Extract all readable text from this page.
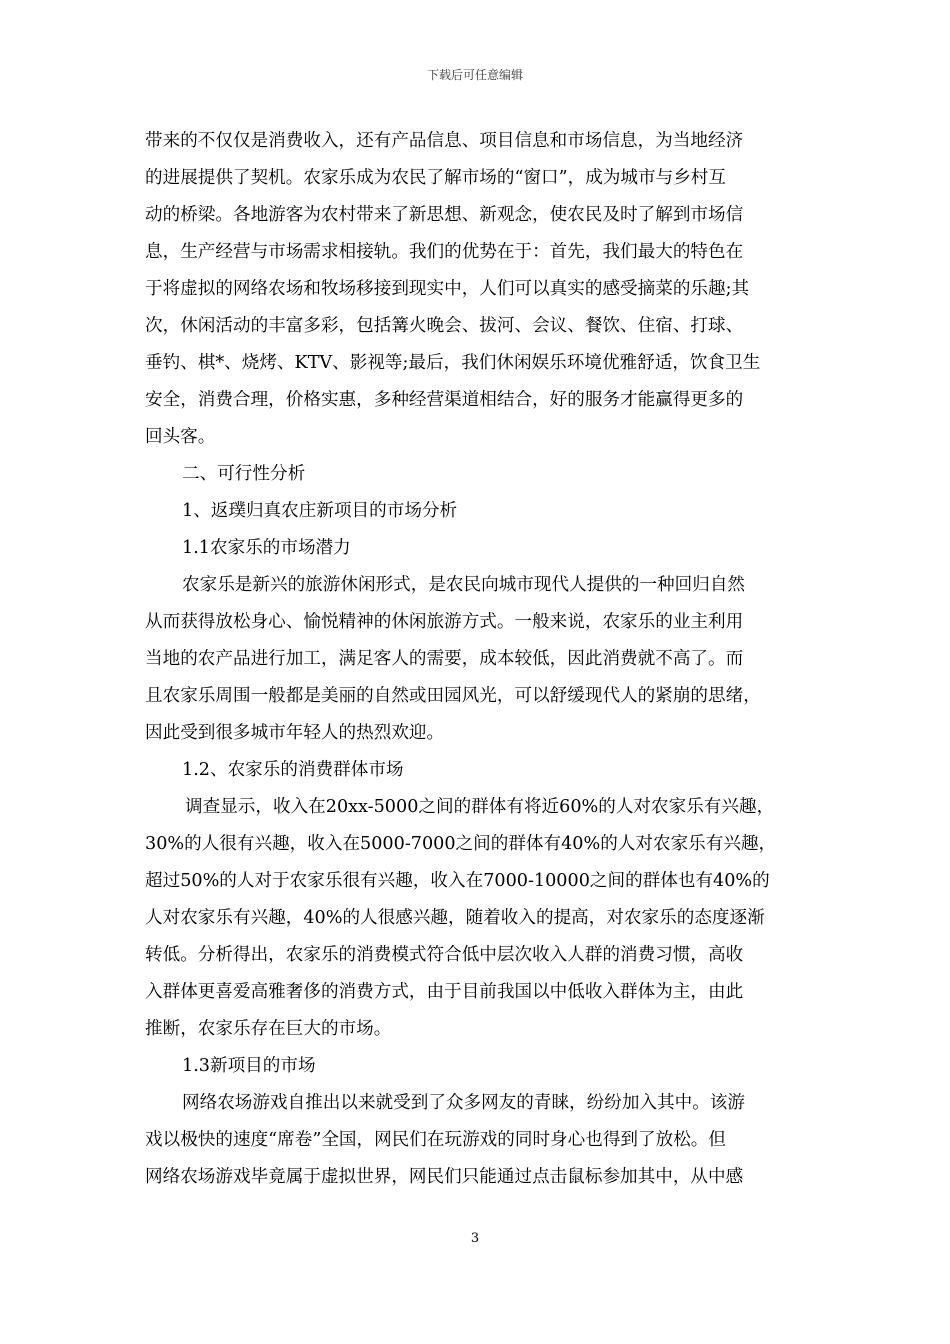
下载后可任意编辑
带来的不仅仅是消费收入，还有产品信息、项目信息和市场信息，为当地经济
的进展提供了契机。农家乐成为农民了解市场的“窗口”，成为城市与乡村互
动的桥梁。各地游客为农村带来了新思想、新观念，使农民及时了解到市场信
息，生产经营与市场需求相接轨。我们的优势在于：首先，我们最大的特色在
于将虚拟的网络农场和牧场移接到现实中，人们可以真实的感受摘菜的乐趣;其
次，休闲活动的丰富多彩，包括篝火晚会、拔河、会议、餐饮、住宿、打球、
垂钓、棋*、烧烤、KTV、影视等;最后，我们休闲娱乐环境优雅舒适，饮食卫生
安全，消费合理，价格实惠，多种经营渠道相结合，好的服务才能赢得更多的
回头客。
二、可行性分析
1、返璞归真农庄新项目的市场分析
1.1农家乐的市场潜力
农家乐是新兴的旅游休闲形式，是农民向城市现代人提供的一种回归自然
从而获得放松身心、愉悦精神的休闲旅游方式。一般来说，农家乐的业主利用
当地的农产品进行加工，满足客人的需要，成本较低，因此消费就不高了。而
且农家乐周围一般都是美丽的自然或田园风光，可以舒缓现代人的紧崩的思绪，
因此受到很多城市年轻人的热烈欢迎。
1.2、农家乐的消费群体市场
调查显示，收入在20xx-5000之间的群体有将近60%的人对农家乐有兴趣，
30%的人很有兴趣，收入在5000-7000之间的群体有40%的人对农家乐有兴趣，
超过50%的人对于农家乐很有兴趣，收入在7000-10000之间的群体也有40%的
人对农家乐有兴趣，40%的人很感兴趣，随着收入的提高，对农家乐的态度逐渐
转低。分析得出，农家乐的消费模式符合低中层次收入人群的消费习惯，高收
入群体更喜爱高雅奢侈的消费方式，由于目前我国以中低收入群体为主，由此
推断，农家乐存在巨大的市场。
1.3新项目的市场
网络农场游戏自推出以来就受到了众多网友的青睐，纷纷加入其中。该游
戏以极快的速度“席卷”全国，网民们在玩游戏的同时身心也得到了放松。但
网络农场游戏毕竟属于虚拟世界，网民们只能通过点击鼠标参加其中，从中感
3
